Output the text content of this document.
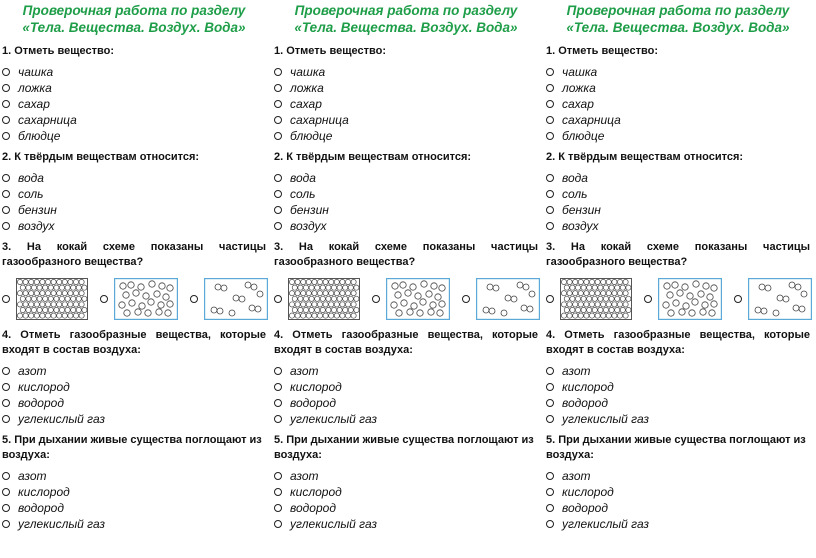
Проверочная работа по разделу
«Тела. Вещества. Воздух. Вода»
1. Отметь вещество:
чашка
ложка
сахар
сахарница
блюдце
2. К твёрдым веществам относится:
вода
соль
бензин
воздух
3. На кокай схеме показаны частицы газообразного вещества?
4. Отметь газообразные вещества, которые входят в состав воздуха:
азот
кислород
водород
углекислый газ
5. При дыхании живые существа поглощают из воздуха:
азот
кислород
водород
углекислый газ
Проверочная работа по разделу
«Тела. Вещества. Воздух. Вода»
1. Отметь вещество:
чашка
ложка
сахар
сахарница
блюдце
2. К твёрдым веществам относится:
вода
соль
бензин
воздух
3. На кокай схеме показаны частицы газообразного вещества?
4. Отметь газообразные вещества, которые входят в состав воздуха:
азот
кислород
водород
углекислый газ
5. При дыхании живые существа поглощают из воздуха:
азот
кислород
водород
углекислый газ
Проверочная работа по разделу
«Тела. Вещества. Воздух. Вода»
1. Отметь вещество:
чашка
ложка
сахар
сахарница
блюдце
2. К твёрдым веществам относится:
вода
соль
бензин
воздух
3. На кокай схеме показаны частицы газообразного вещества?
4. Отметь газообразные вещества, которые входят в состав воздуха:
азот
кислород
водород
углекислый газ
5. При дыхании живые существа поглощают из воздуха:
азот
кислород
водород
углекислый газ
